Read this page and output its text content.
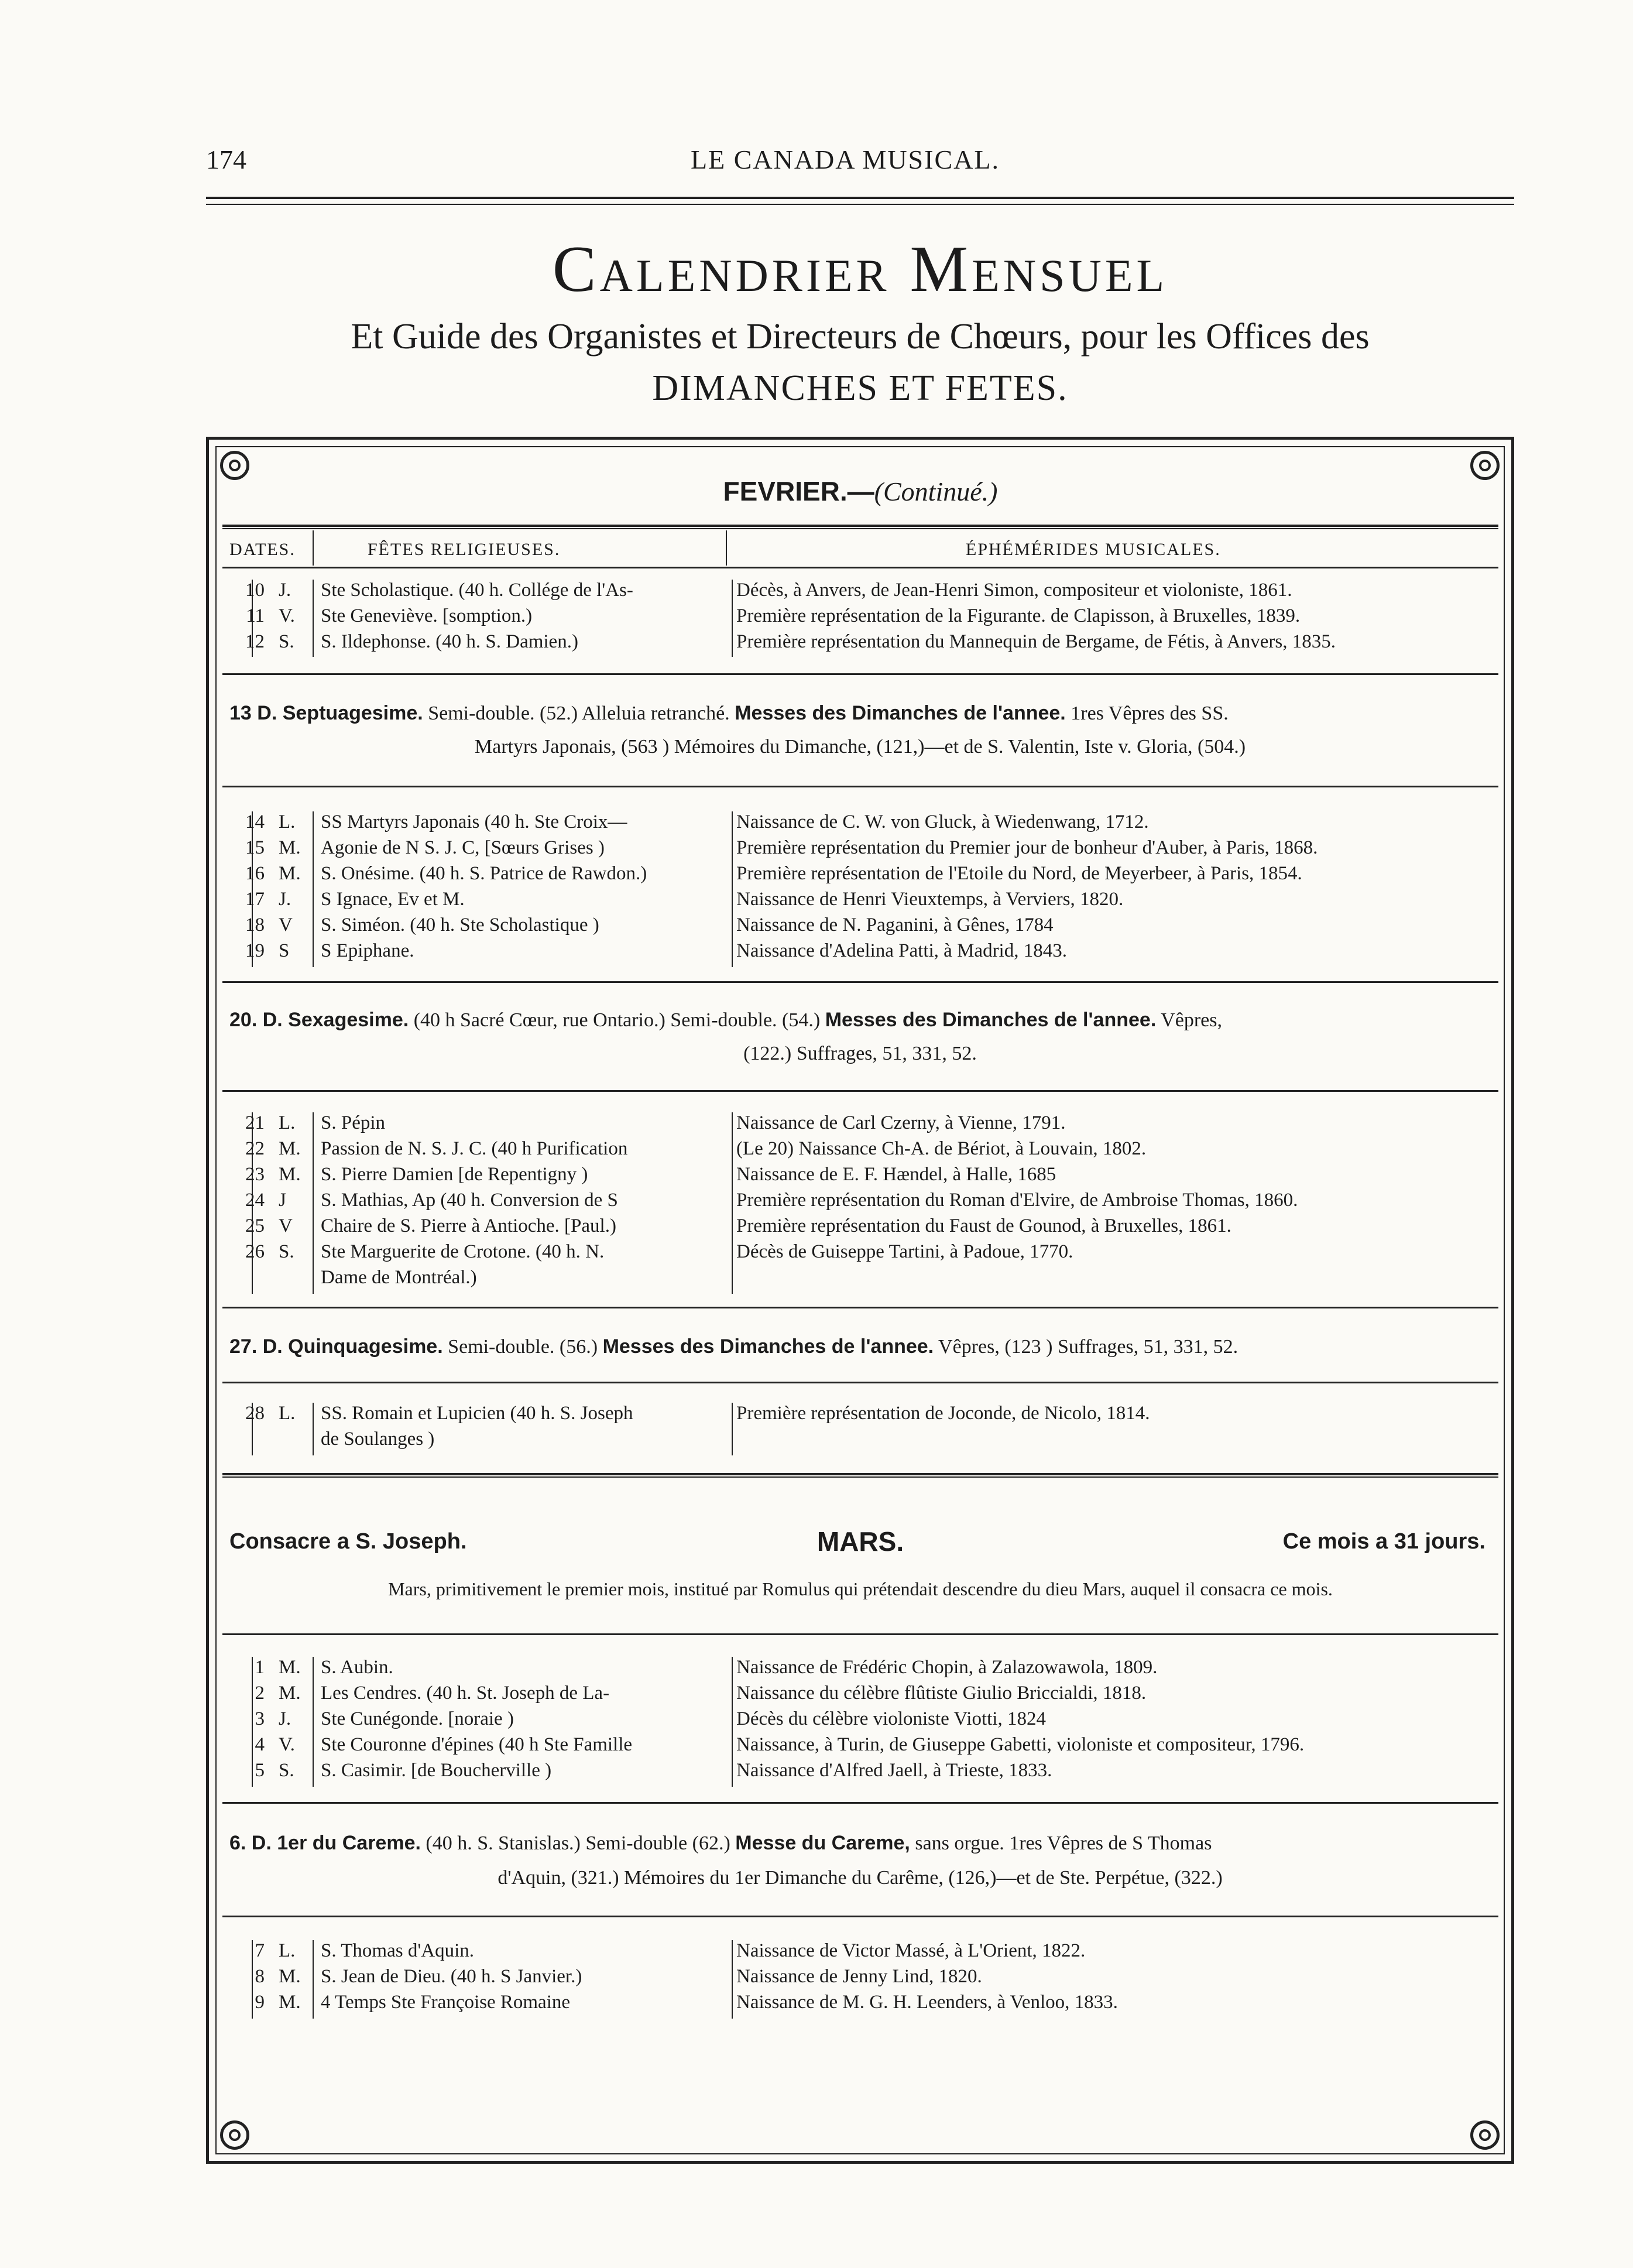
174	LE CANADA MUSICAL.
Calendrier Mensuel
Et Guide des Organistes et Directeurs de Chœurs, pour les Offices des
DIMANCHES ET FETES.
FEVRIER.—(Continué.)
DATES.	FÊTES RELIGIEUSES.	ÉPHÉMÉRIDES MUSICALES.
10 J.	Ste Scholastique. (40 h. Collége de l'As-	Décès, à Anvers, de Jean-Henri Simon, compositeur et violoniste, 1861.
11 V.	Ste Geneviève. [somption.)	Première représentation de la Figurante. de Clapisson, à Bruxelles, 1839.
12 S.	S. Ildephonse. (40 h. S. Damien.)	Première représentation du Mannequin de Bergame, de Fétis, à Anvers, 1835.
13 D. Septuagesime. Semi-double. (52.) Alleluia retranché. Messes des Dimanches de l'annee. 1res Vêpres des SS.
Martyrs Japonais, (563 ) Mémoires du Dimanche, (121,)—et de S. Valentin, Iste v. Gloria, (504.)
14 L.	SS Martyrs Japonais (40 h. Ste Croix—	Naissance de C. W. von Gluck, à Wiedenwang, 1712.
15 M.	Agonie de N S. J. C, [Sœurs Grises )	Première représentation du Premier jour de bonheur d'Auber, à Paris, 1868.
16 M.	S. Onésime. (40 h. S. Patrice de Rawdon.)	Première représentation de l'Etoile du Nord, de Meyerbeer, à Paris, 1854.
17 J.	S Ignace, Ev et M.	Naissance de Henri Vieuxtemps, à Verviers, 1820.
18 V	S. Siméon. (40 h. Ste Scholastique )	Naissance de N. Paganini, à Gênes, 1784
19 S	S Epiphane.	Naissance d'Adelina Patti, à Madrid, 1843.
20. D. Sexagesime. (40 h Sacré Cœur, rue Ontario.) Semi-double. (54.) Messes des Dimanches de l'annee. Vêpres,
(122.) Suffrages, 51, 331, 52.
21 L.	S. Pépin	Naissance de Carl Czerny, à Vienne, 1791.
22 M.	Passion de N. S. J. C. (40 h Purification	(Le 20) Naissance Ch-A. de Bériot, à Louvain, 1802.
23 M.	S. Pierre Damien [de Repentigny )	Naissance de E. F. Hændel, à Halle, 1685
24 J	S. Mathias, Ap (40 h. Conversion de S	Première représentation du Roman d'Elvire, de Ambroise Thomas, 1860.
25 V	Chaire de S. Pierre à Antioche. [Paul.)	Première représentation du Faust de Gounod, à Bruxelles, 1861.
26 S.	Ste Marguerite de Crotone. (40 h. N.	Décès de Guiseppe Tartini, à Padoue, 1770.
Dame de Montréal.)
27. D. Quinquagesime. Semi-double. (56.) Messes des Dimanches de l'annee. Vêpres, (123 ) Suffrages, 51, 331, 52.
28 L.	SS. Romain et Lupicien (40 h. S. Joseph	Première représentation de Joconde, de Nicolo, 1814.
de Soulanges )
Consacre a S. Joseph.	MARS.	Ce mois a 31 jours.
Mars, primitivement le premier mois, institué par Romulus qui prétendait descendre du dieu Mars, auquel il consacra ce mois.
1 M.	S. Aubin.	Naissance de Frédéric Chopin, à Zalazowawola, 1809.
2 M.	Les Cendres. (40 h. St. Joseph de La-	Naissance du célèbre flûtiste Giulio Briccialdi, 1818.
3 J.	Ste Cunégonde. [noraie )	Décès du célèbre violoniste Viotti, 1824
4 V.	Ste Couronne d'épines (40 h Ste Famille	Naissance, à Turin, de Giuseppe Gabetti, violoniste et compositeur, 1796.
5 S.	S. Casimir. [de Boucherville )	Naissance d'Alfred Jaell, à Trieste, 1833.
6. D. 1er du Careme. (40 h. S. Stanislas.) Semi-double (62.) Messe du Careme, sans orgue. 1res Vêpres de S Thomas
d'Aquin, (321.) Mémoires du 1er Dimanche du Carême, (126,)—et de Ste. Perpétue, (322.)
7 L.	S. Thomas d'Aquin.	Naissance de Victor Massé, à L'Orient, 1822.
8 M.	S. Jean de Dieu. (40 h. S Janvier.)	Naissance de Jenny Lind, 1820.
9 M.	4 Temps Ste Françoise Romaine	Naissance de M. G. H. Leenders, à Venloo, 1833.
